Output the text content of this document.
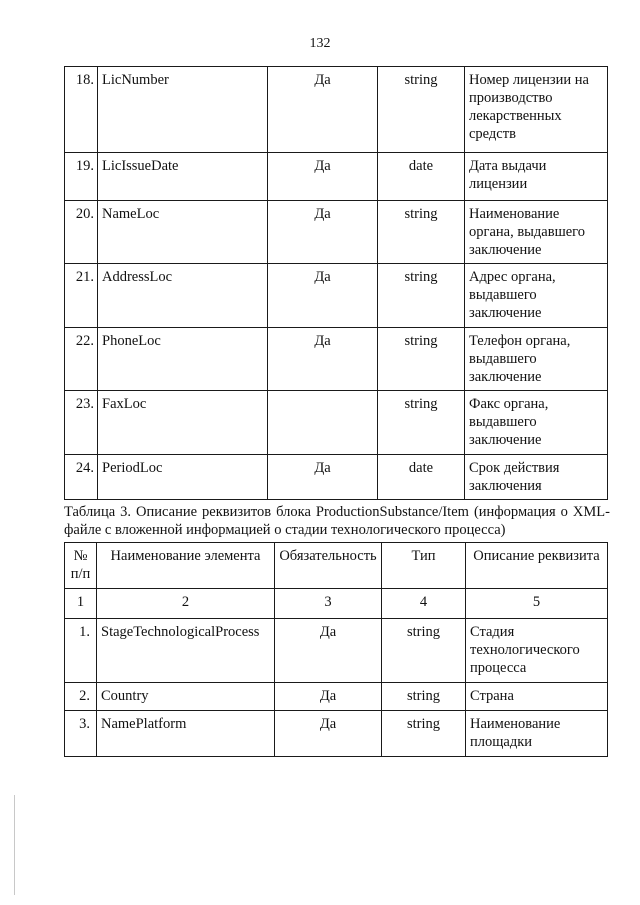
132
18.	LicNumber	Да	string	Номер лицензии на производство лекарственных средств
19.	LicIssueDate	Да	date	Дата выдачи лицензии
20.	NameLoc	Да	string	Наименование органа, выдавшего заключение
21.	AddressLoc	Да	string	Адрес органа, выдавшего заключение
22.	PhoneLoc	Да	string	Телефон органа, выдавшего заключение
23.	FaxLoc		string	Факс органа, выдавшего заключение
24.	PeriodLoc	Да	date	Срок действия заключения
Таблица 3. Описание реквизитов блока ProductionSubstance/Item (информация о XML-файле с вложенной информацией о стадии технологического процесса)
№ п/п	Наименование элемента	Обязательность	Тип	Описание реквизита
1	2	3	4	5
1.	StageTechnologicalProcess	Да	string	Стадия технологического процесса
2.	Country	Да	string	Страна
3.	NamePlatform	Да	string	Наименование площадки
